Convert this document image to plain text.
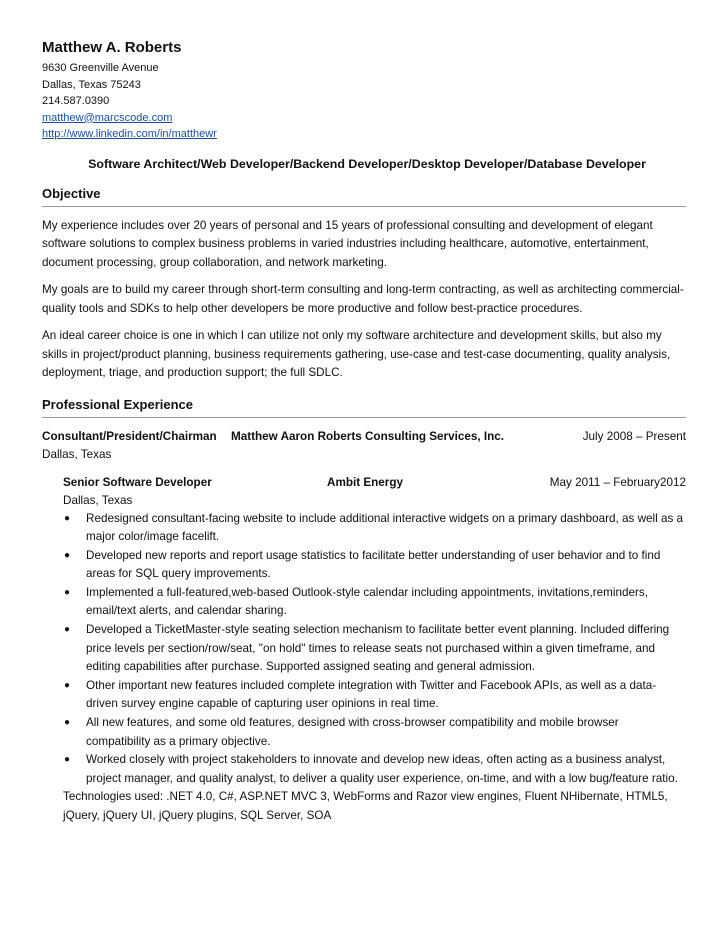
Matthew A. Roberts
9630 Greenville Avenue
Dallas, Texas 75243
214.587.0390
matthew@marcscode.com
http://www.linkedin.com/in/matthewr
Software Architect/Web Developer/Backend Developer/Desktop Developer/Database Developer
Objective

My experience includes over 20 years of personal and 15 years of professional consulting and development of elegant software solutions to complex business problems in varied industries including healthcare, automotive, entertainment, document processing, group collaboration, and network marketing.

My goals are to build my career through short-term consulting and long-term contracting, as well as architecting commercial-quality tools and SDKs to help other developers be more productive and follow best-practice procedures.

An ideal career choice is one in which I can utilize not only my software architecture and development skills, but also my skills in project/product planning, business requirements gathering, use-case and test-case documenting, quality analysis, deployment, triage, and production support; the full SDLC.

Professional Experience
Consultant/President/Chairman	Matthew Aaron Roberts Consulting Services, Inc.	July 2008 – Present
Dallas, Texas
Senior Software Developer	Ambit Energy	May 2011 – February2012
Dallas, Texas
● Redesigned consultant-facing website to include additional interactive widgets on a primary dashboard, as well as a major color/image facelift.
● Developed new reports and report usage statistics to facilitate better understanding of user behavior and to find areas for SQL query improvements.
● Implemented a full-featured,web-based Outlook-style calendar including appointments, invitations,reminders, email/text alerts, and calendar sharing.
● Developed a TicketMaster-style seating selection mechanism to facilitate better event planning. Included differing price levels per section/row/seat, "on hold" times to release seats not purchased within a given timeframe, and editing capabilities after purchase. Supported assigned seating and general admission.
● Other important new features included complete integration with Twitter and Facebook APIs, as well as a data-driven survey engine capable of capturing user opinions in real time.
● All new features, and some old features, designed with cross-browser compatibility and mobile browser compatibility as a primary objective.
● Worked closely with project stakeholders to innovate and develop new ideas, often acting as a business analyst, project manager, and quality analyst, to deliver a quality user experience, on-time, and with a low bug/feature ratio.
Technologies used: .NET 4.0, C#, ASP.NET MVC 3, WebForms and Razor view engines, Fluent NHibernate, HTML5, jQuery, jQuery UI, jQuery plugins, SQL Server, SOA
